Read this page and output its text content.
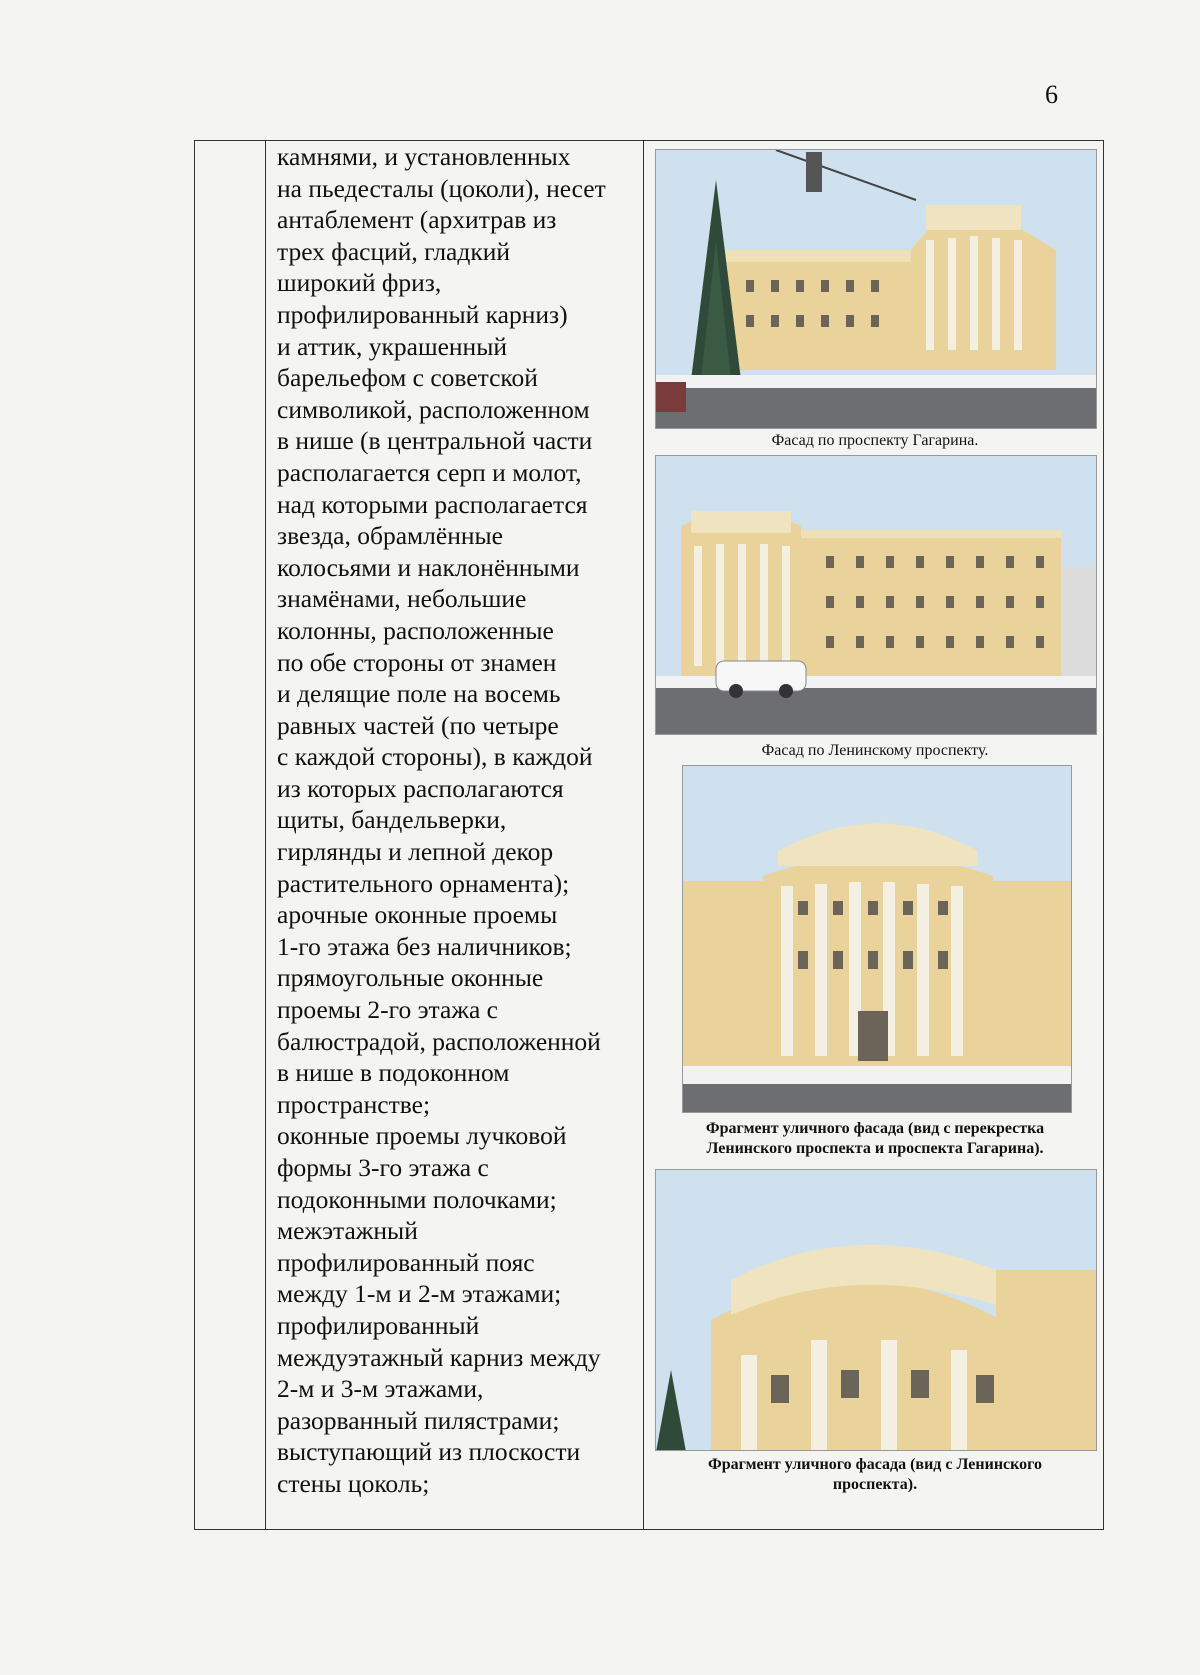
6
камнями, и установленных
на пьедесталы (цоколи), несет
антаблемент (архитрав из
трех фасций, гладкий
широкий фриз,
профилированный карниз)
и аттик, украшенный
барельефом с советской
символикой, расположенном
в нише (в центральной части
располагается серп и молот,
над которыми располагается
звезда, обрамлённые
колосьями и наклонёнными
знамёнами, небольшие
колонны, расположенные
по обе стороны от знамен
и делящие поле на восемь
равных частей (по четыре
с каждой стороны), в каждой
из которых располагаются
щиты, бандельверки,
гирлянды и лепной декор
растительного орнамента);
арочные оконные проемы
1-го этажа без наличников;
прямоугольные оконные
проемы 2-го этажа с
балюстрадой, расположенной
в нише в подоконном
пространстве;
оконные проемы лучковой
формы 3-го этажа с
подоконными полочками;
межэтажный
профилированный пояс
между 1-м и 2-м этажами;
профилированный
междуэтажный карниз между
2-м и 3-м этажами,
разорванный пилястрами;
выступающий из плоскости
стены цоколь;
Фасад по проспекту Гагарина.
Фасад по Ленинскому проспекту.
Фрагмент уличного фасада (вид с перекрестка
Ленинского проспекта и проспекта Гагарина).
Фрагмент уличного фасада (вид с Ленинского
проспекта).
